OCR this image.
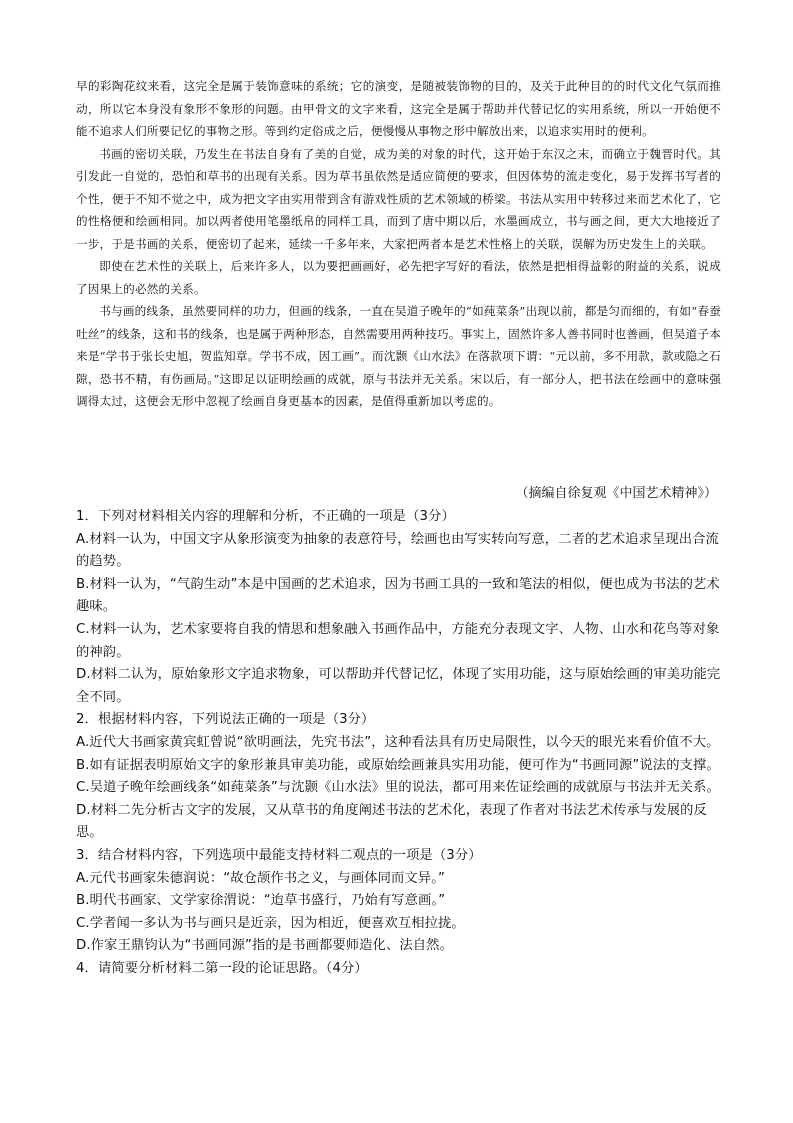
早的彩陶花纹来看，这完全是属于装饰意味的系统；它的演变，是随被装饰物的目的，及关于此种目的的时代文化气氛而推动，所以它本身没有象形不象形的问题。由甲骨文的文字来看，这完全是属于帮助并代替记忆的实用系统，所以一开始便不能不追求人们所要记忆的事物之形。等到约定俗成之后，便慢慢从事物之形中解放出来，以追求实用时的便利。

书画的密切关联，乃发生在书法自身有了美的自觉，成为美的对象的时代，这开始于东汉之末，而确立于魏晋时代。其引发此一自觉的，恐怕和草书的出现有关系。因为草书虽依然是适应简便的要求，但因体势的流走变化，易于发挥书写者的个性，便于不知不觉之中，成为把文字由实用带到含有游戏性质的艺术领域的桥梁。书法从实用中转移过来而艺术化了，它的性格便和绘画相同。加以两者使用笔墨纸帛的同样工具，而到了唐中期以后，水墨画成立，书与画之间，更大大地接近了一步，于是书画的关系，便密切了起来，延续一千多年来，大家把两者本是艺术性格上的关联，误解为历史发生上的关联。

即使在艺术性的关联上，后来许多人，以为要把画画好，必先把字写好的看法，依然是把相得益彰的附益的关系，说成了因果上的必然的关系。

书与画的线条，虽然要同样的功力，但画的线条，一直在吴道子晚年的“如莼菜条”出现以前，都是匀而细的，有如“春蚕吐丝”的线条，这和书的线条，也是属于两种形态，自然需要用两种技巧。事实上，固然许多人善书同时也善画，但吴道子本来是“学书于张长史旭，贺监知章。学书不成，因工画”。而沈颢《山水法》在落款项下谓：“元以前，多不用款，款或隐之石隙，恐书不精，有伤画局。”这即足以证明绘画的成就，原与书法并无关系。宋以后，有一部分人，把书法在绘画中的意味强调得太过，这便会无形中忽视了绘画自身更基本的因素，是值得重新加以考虑的。

（摘编自徐复观《中国艺术精神》）
1．下列对材料相关内容的理解和分析，不正确的一项是（3分）
A.材料一认为，中国文字从象形演变为抽象的表意符号，绘画也由写实转向写意，二者的艺术追求呈现出合流的趋势。
B.材料一认为，“气韵生动”本是中国画的艺术追求，因为书画工具的一致和笔法的相似，便也成为书法的艺术趣味。
C.材料一认为，艺术家要将自我的情思和想象融入书画作品中，方能充分表现文字、人物、山水和花鸟等对象的神韵。
D.材料二认为，原始象形文字追求物象，可以帮助并代替记忆，体现了实用功能，这与原始绘画的审美功能完全不同。
2．根据材料内容，下列说法正确的一项是（3分）
A.近代大书画家黄宾虹曾说“欲明画法，先究书法”，这种看法具有历史局限性，以今天的眼光来看价值不大。
B.如有证据表明原始文字的象形兼具审美功能，或原始绘画兼具实用功能，便可作为“书画同源”说法的支撑。
C.吴道子晚年绘画线条“如莼菜条”与沈颢《山水法》里的说法，都可用来佐证绘画的成就原与书法并无关系。
D.材料二先分析古文字的发展，又从草书的角度阐述书法的艺术化，表现了作者对书法艺术传承与发展的反思。
3．结合材料内容，下列选项中最能支持材料二观点的一项是（3分）
A.元代书画家朱德润说：“故仓颉作书之义，与画体同而文异。”
B.明代书画家、文学家徐渭说：“迨草书盛行，乃始有写意画。”
C.学者闻一多认为书与画只是近亲，因为相近，便喜欢互相拉拢。
D.作家王鼎钧认为“书画同源”指的是书画都要师造化、法自然。
4．请简要分析材料二第一段的论证思路。（4分）
